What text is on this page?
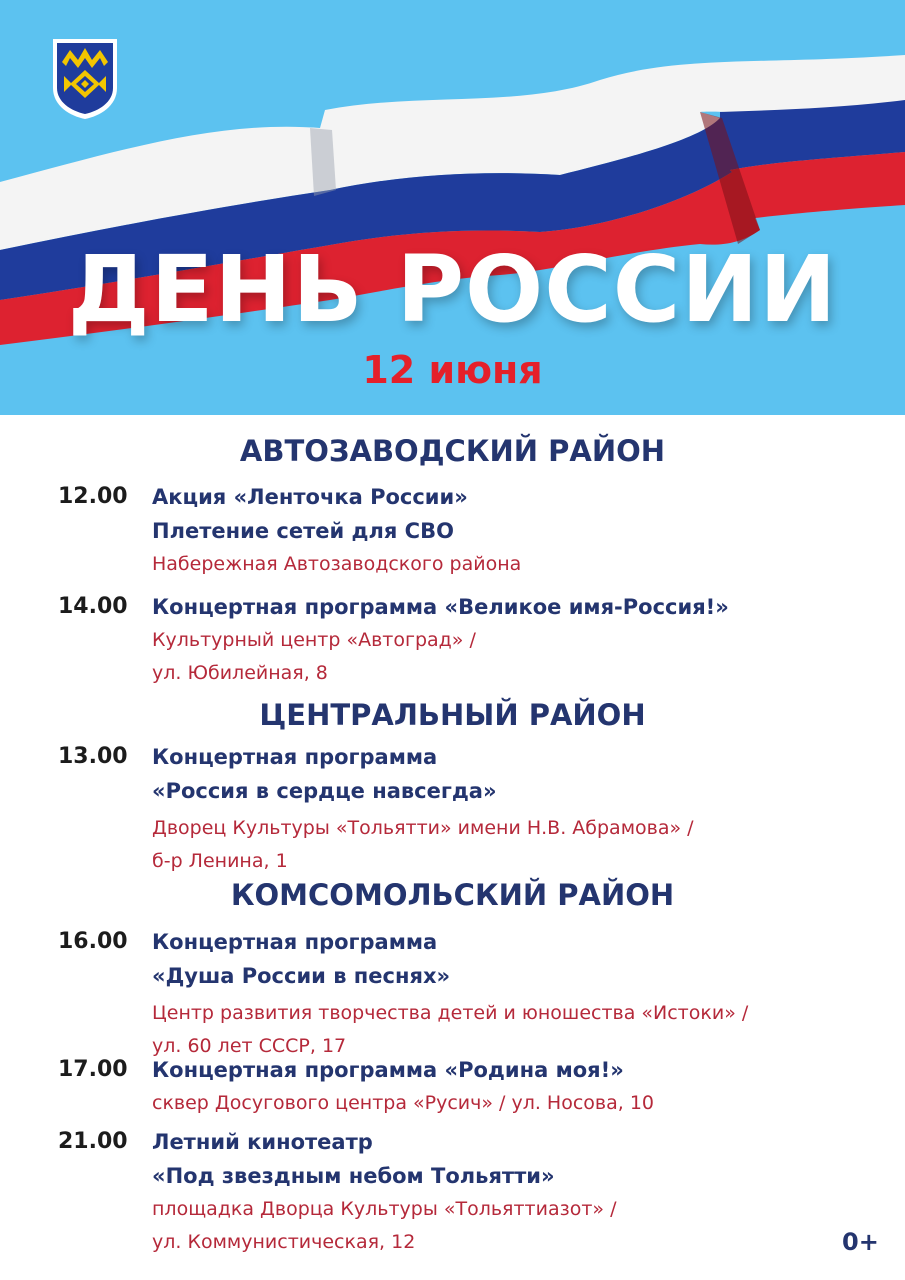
ДЕНЬ РОССИИ
12 июня
АВТОЗАВОДСКИЙ РАЙОН
12.00 Акция «Ленточка России»
Плетение сетей для СВО
Набережная Автозаводского района
14.00 Концертная программа «Великое имя-Россия!»
Культурный центр «Автоград» /
ул. Юбилейная, 8
ЦЕНТРАЛЬНЫЙ РАЙОН
13.00 Концертная программа
«Россия в сердце навсегда»
Дворец Культуры «Тольятти» имени Н.В. Абрамова» /
б-р Ленина, 1
КОМСОМОЛЬСКИЙ РАЙОН
16.00 Концертная программа
«Душа России в песнях»
Центр развития творчества детей и юношества «Истоки» /
ул. 60 лет СССР, 17
17.00 Концертная программа «Родина моя!»
сквер Досугового центра «Русич» / ул. Носова, 10
21.00 Летний кинотеатр
«Под звездным небом Тольятти»
площадка Дворца Культуры «Тольяттиазот» /
ул. Коммунистическая, 12	0+
